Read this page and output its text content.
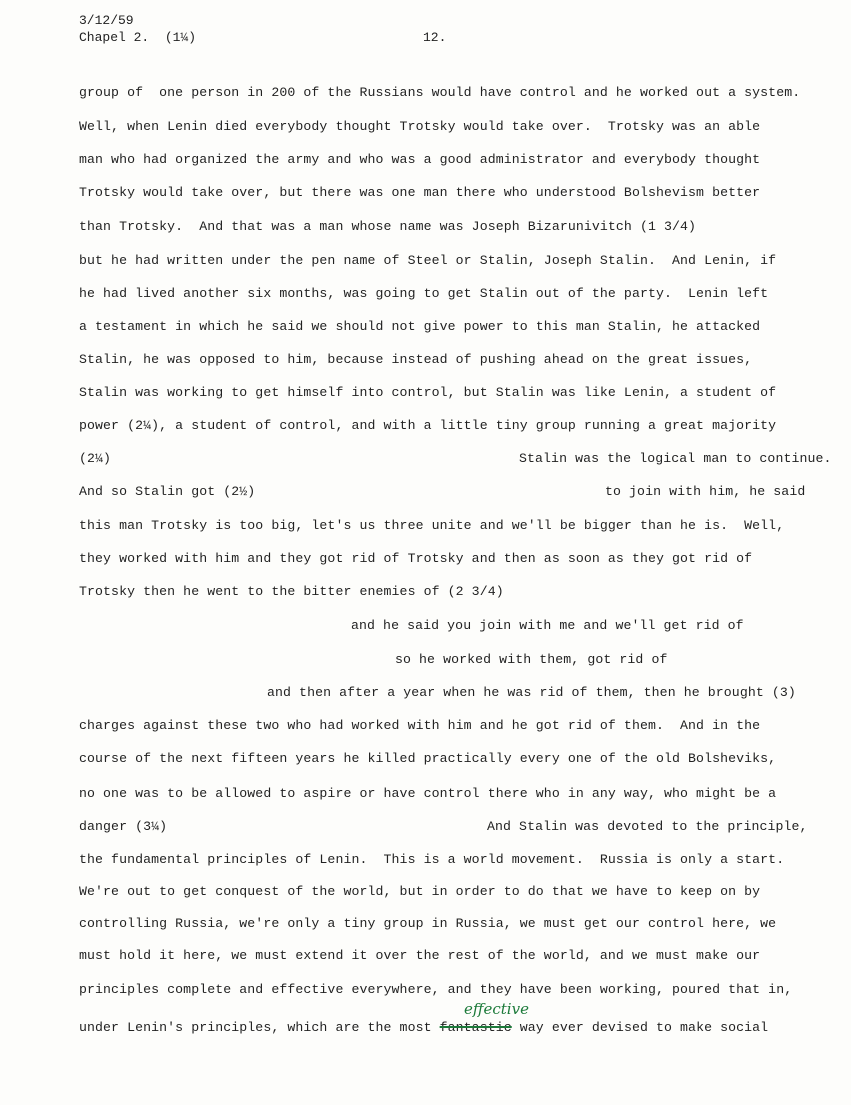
3/12/59
Chapel 2.  (1¼)	12.
group of  one person in 200 of the Russians would have control and he worked out a system.
Well, when Lenin died everybody thought Trotsky would take over.  Trotsky was an able
man who had organized the army and who was a good administrator and everybody thought
Trotsky would take over, but there was one man there who understood Bolshevism better
than Trotsky.  And that was a man whose name was Joseph Bizarunivitch (1 3/4)
but he had written under the pen name of Steel or Stalin, Joseph Stalin.  And Lenin, if
he had lived another six months, was going to get Stalin out of the party.  Lenin left
a testament in which he said we should not give power to this man Stalin, he attacked
Stalin, he was opposed to him, because instead of pushing ahead on the great issues,
Stalin was working to get himself into control, but Stalin was like Lenin, a student of
power (2¼), a student of control, and with a little tiny group running a great majority
(2¼)	Stalin was the logical man to continue.
And so Stalin got (2½)	to join with him, he said
this man Trotsky is too big, let's us three unite and we'll be bigger than he is.  Well,
they worked with him and they got rid of Trotsky and then as soon as they got rid of
Trotsky then he went to the bitter enemies of (2 3/4)
and he said you join with me and we'll get rid of
so he worked with them, got rid of
and then after a year when he was rid of them, then he brought (3)
charges against these two who had worked with him and he got rid of them.  And in the
course of the next fifteen years he killed practically every one of the old Bolsheviks,
no one was to be allowed to aspire or have control there who in any way, who might be a
danger (3¼)	And Stalin was devoted to the principle,
the fundamental principles of Lenin.  This is a world movement.  Russia is only a start.
We're out to get conquest of the world, but in order to do that we have to keep on by
controlling Russia, we're only a tiny group in Russia, we must get our control here, we
must hold it here, we must extend it over the rest of the world, and we must make our
principles complete and effective everywhere, and they have been working, poured that in,
under Lenin's principles, which are the most fantastic way ever devised to make social
effective
